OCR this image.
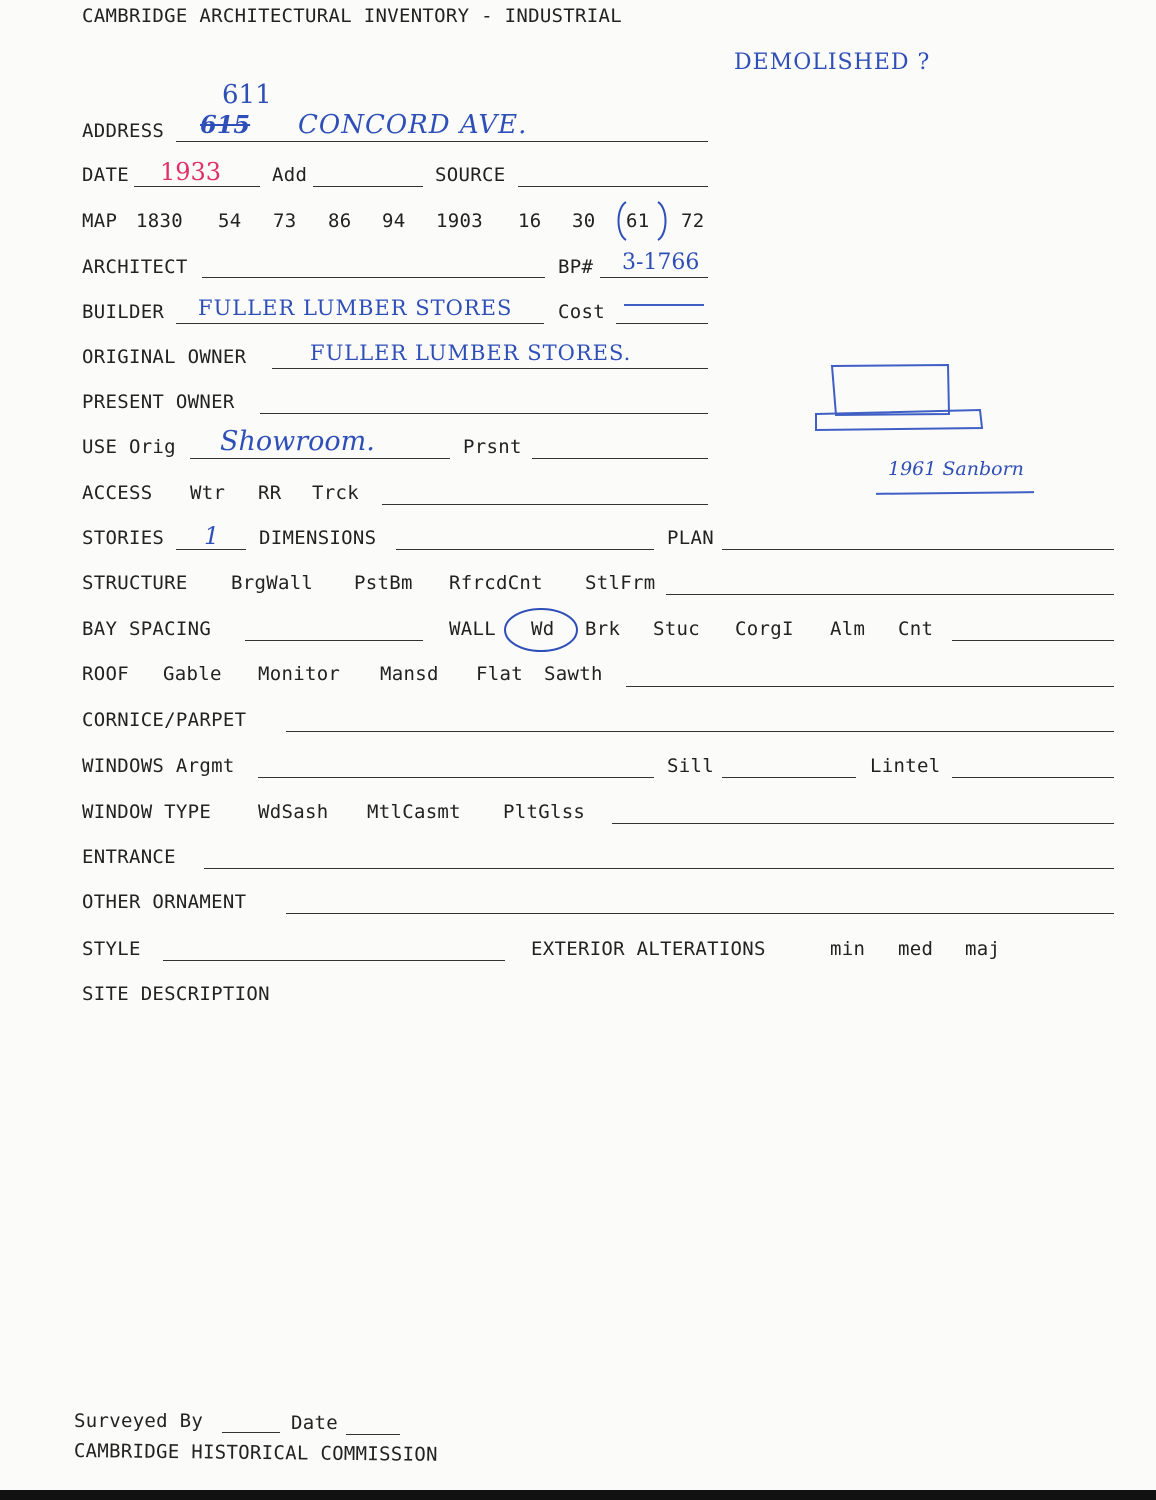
CAMBRIDGE ARCHITECTURAL INVENTORY - INDUSTRIAL
DEMOLISHED ?
ADDRESS 615
611
CONCORD AVE.
DATE 1933	Add	SOURCE
MAP 1830 54 73 86 94 1903 16 30 61 72
ARCHITECT	BP# 3-1766
BUILDER FULLER LUMBER STORES Cost
ORIGINAL OWNER	FULLER LUMBER STORES.
PRESENT OWNER
1961 Sanborn
USE Orig Showroom.	Prsnt
ACCESS Wtr RR Trck
STORIES 1 DIMENSIONS	PLAN
STRUCTURE BrgWall PstBm RfrcdCnt StlFrm
BAY SPACING	WALL Wd Brk Stuc CorgI Alm Cnt
ROOF Gable Monitor Mansd Flat Sawth
CORNICE/PARPET
WINDOWS Argmt	Sill	Lintel
WINDOW TYPE WdSash MtlCasmt PltGlss
ENTRANCE
OTHER ORNAMENT
STYLE	EXTERIOR ALTERATIONS	min med maj
SITE DESCRIPTION
Surveyed By	Date
CAMBRIDGE HISTORICAL COMMISSION
